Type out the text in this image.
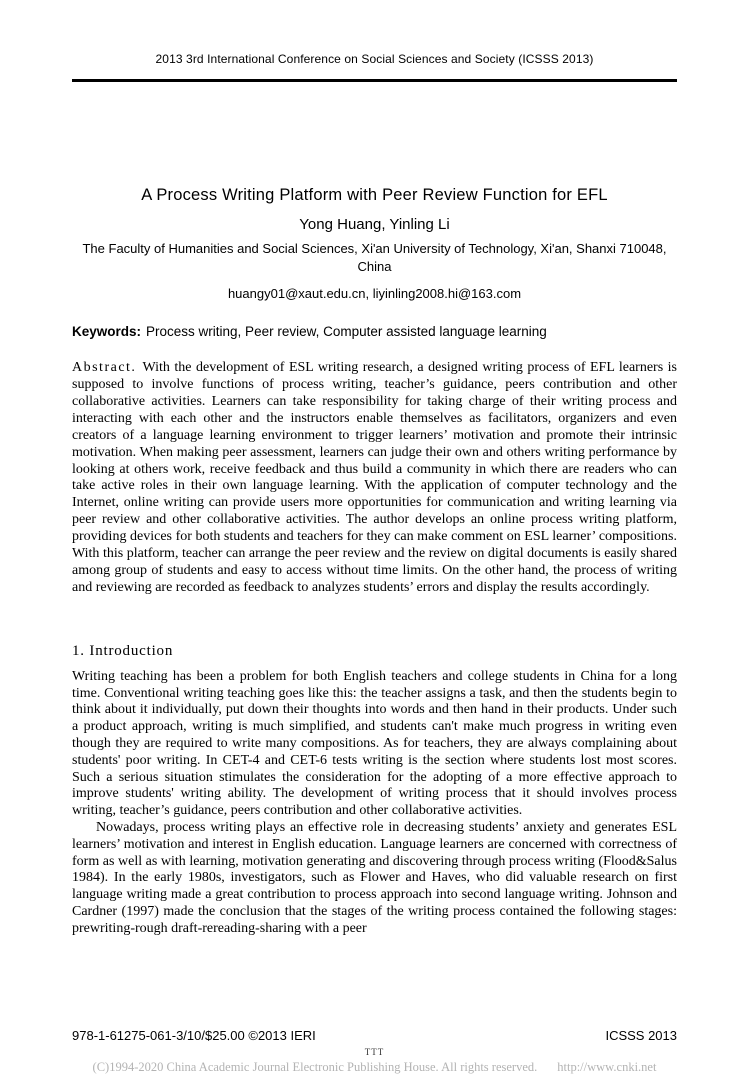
2013 3rd International Conference on Social Sciences and Society (ICSSS 2013)
A Process Writing Platform with Peer Review Function for EFL
Yong Huang, Yinling Li
The Faculty of Humanities and Social Sciences, Xi'an University of Technology, Xi'an, Shanxi 710048, China
huangy01@xaut.edu.cn, liyinling2008.hi@163.com
Keywords: Process writing, Peer review, Computer assisted language learning

Abstract. With the development of ESL writing research, a designed writing process of EFL learners is supposed to involve functions of process writing, teacher’s guidance, peers contribution and other collaborative activities. Learners can take responsibility for taking charge of their writing process and interacting with each other and the instructors enable themselves as facilitators, organizers and even creators of a language learning environment to trigger learners’ motivation and promote their intrinsic motivation. When making peer assessment, learners can judge their own and others writing performance by looking at others work, receive feedback and thus build a community in which there are readers who can take active roles in their own language learning. With the application of computer technology and the Internet, online writing can provide users more opportunities for communication and writing learning via peer review and other collaborative activities. The author develops an online process writing platform, providing devices for both students and teachers for they can make comment on ESL learner’ compositions. With this platform, teacher can arrange the peer review and the review on digital documents is easily shared among group of students and easy to access without time limits. On the other hand, the process of writing and reviewing are recorded as feedback to analyzes students’ errors and display the results accordingly.

1. Introduction

Writing teaching has been a problem for both English teachers and college students in China for a long time. Conventional writing teaching goes like this: the teacher assigns a task, and then the students begin to think about it individually, put down their thoughts into words and then hand in their products. Under such a product approach, writing is much simplified, and students can't make much progress in writing even though they are required to write many compositions. As for teachers, they are always complaining about students' poor writing. In CET-4 and CET-6 tests writing is the section where students lost most scores. Such a serious situation stimulates the consideration for the adopting of a more effective approach to improve students' writing ability. The development of writing process that it should involves process writing, teacher’s guidance, peers contribution and other collaborative activities.

Nowadays, process writing plays an effective role in decreasing students’ anxiety and generates ESL learners’ motivation and interest in English education. Language learners are concerned with correctness of form as well as with learning, motivation generating and discovering through process writing (Flood&Salus 1984). In the early 1980s, investigators, such as Flower and Haves, who did valuable research on first language writing made a great contribution to process approach into second language writing. Johnson and Cardner (1997) made the conclusion that the stages of the writing process contained the following stages: prewriting-rough draft-rereading-sharing with a peer

978-1-61275-061-3/10/$25.00 ©2013 IERI	ICSSS 2013
TTT
(C)1994-2020 China Academic Journal Electronic Publishing House. All rights reserved. http://www.cnki.net
